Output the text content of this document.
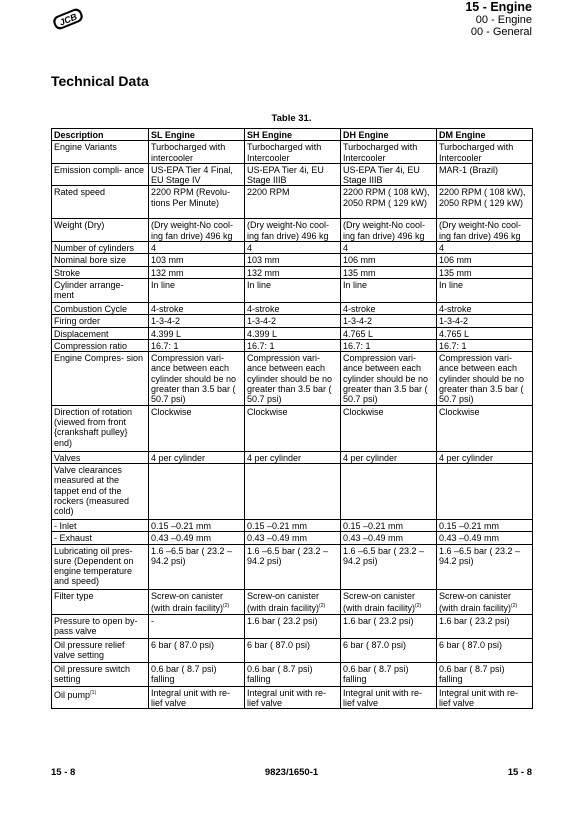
JCB
15 - Engine
00 - Engine
00 - General
Technical Data
Table 31.
Description	SL Engine	SH Engine	DH Engine	DM Engine
Engine Variants	Turbocharged with intercooler	Turbocharged with Intercooler	Turbocharged with Intercooler	Turbocharged with Intercooler
Emission compli- ance	US-EPA Tier 4 Final, EU Stage IV	US-EPA Tier 4i, EU Stage IIIB	US-EPA Tier 4i, EU Stage IIIB	MAR-1 (Brazil)
Rated speed	2200 RPM (Revolu- tions Per Minute)	2200 RPM	2200 RPM ( 108 kW), 2050 RPM ( 129 kW)	2200 RPM ( 108 kW), 2050 RPM ( 129 kW)
Weight (Dry)	(Dry weight-No cool- ing fan drive) 496 kg	(Dry weight-No cool- ing fan drive) 496 kg	(Dry weight-No cool- ing fan drive) 496 kg	(Dry weight-No cool- ing fan drive) 496 kg
Number of cylinders	4	4	4	4
Nominal bore size	103 mm	103 mm	106 mm	106 mm
Stroke	132 mm	132 mm	135 mm	135 mm
Cylinder arrange- ment	In line	In line	In line	In line
Combustion Cycle	4-stroke	4-stroke	4-stroke	4-stroke
Firing order	1-3-4-2	1-3-4-2	1-3-4-2	1-3-4-2
Displacement	4.399 L	4.399 L	4.765 L	4.765 L
Compression ratio	16.7: 1	16.7: 1	16.7: 1	16.7: 1
Engine Compres- sion	Compression vari- ance between each cylinder should be no greater than 3.5 bar ( 50.7 psi)	Compression vari- ance between each cylinder should be no greater than 3.5 bar ( 50.7 psi)	Compression vari- ance between each cylinder should be no greater than 3.5 bar ( 50.7 psi)	Compression vari- ance between each cylinder should be no greater than 3.5 bar ( 50.7 psi)
Direction of rotation (viewed from front {crankshaft pulley} end)	Clockwise	Clockwise	Clockwise	Clockwise
Valves	4 per cylinder	4 per cylinder	4 per cylinder	4 per cylinder
Valve clearances measured at the tappet end of the rockers (measured cold)				
- Inlet	0.15 –0.21 mm	0.15 –0.21 mm	0.15 –0.21 mm	0.15 –0.21 mm
- Exhaust	0.43 –0.49 mm	0.43 –0.49 mm	0.43 –0.49 mm	0.43 –0.49 mm
Lubricating oil pres- sure (Dependent on engine temperature and speed)	1.6 –6.5 bar ( 23.2 – 94.2 psi)	1.6 –6.5 bar ( 23.2 – 94.2 psi)	1.6 –6.5 bar ( 23.2 – 94.2 psi)	1.6 –6.5 bar ( 23.2 – 94.2 psi)
Filter type	Screw-on canister (with drain facility)$^{(2)}$	Screw-on canister (with drain facility)$^{(2)}$	Screw-on canister (with drain facility)$^{(2)}$	Screw-on canister (with drain facility)$^{(2)}$
Pressure to open by-pass valve	-	1.6 bar ( 23.2 psi)	1.6 bar ( 23.2 psi)	1.6 bar ( 23.2 psi)
Oil pressure relief valve setting	6 bar ( 87.0 psi)	6 bar ( 87.0 psi)	6 bar ( 87.0 psi)	6 bar ( 87.0 psi)
Oil pressure switch setting	0.6 bar ( 8.7 psi) falling	0.6 bar ( 8.7 psi) falling	0.6 bar ( 8.7 psi) falling	0.6 bar ( 8.7 psi) falling
Oil pump$^{(1)}$	Integral unit with re- lief valve	Integral unit with re- lief valve	Integral unit with re- lief valve	Integral unit with re- lief valve
15 - 8	9823/1650-1	15 - 8
